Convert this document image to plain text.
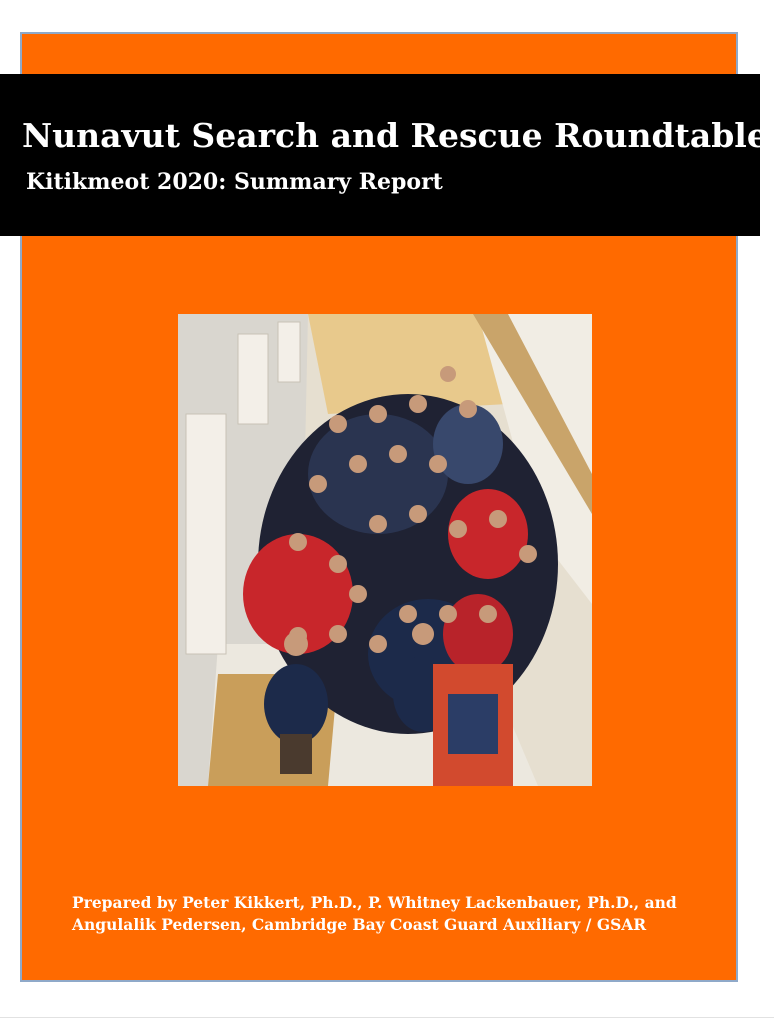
Nunavut Search and Rescue Roundtable
Kitikmeot 2020: Summary Report
Prepared by Peter Kikkert, Ph.D., P. Whitney Lackenbauer, Ph.D., and
Angulalik Pedersen, Cambridge Bay Coast Guard Auxiliary / GSAR
